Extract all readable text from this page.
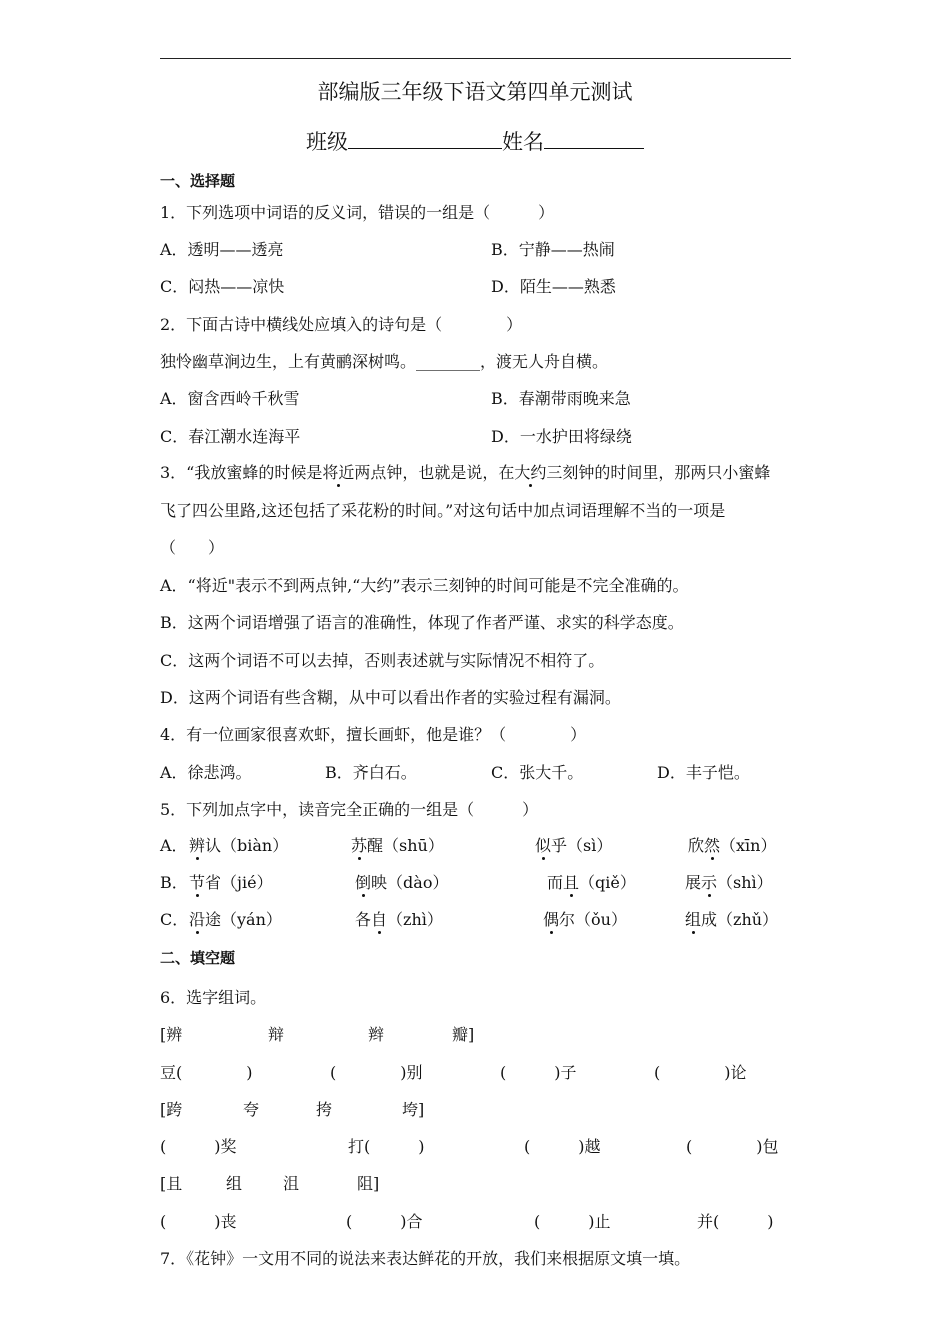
部编版三年级下语文第四单元测试
班级	姓名
一、选择题
1．下列选项中词语的反义词，错误的一组是（　　　）
A．透明——透亮	B．宁静——热闹
C．闷热——凉快	D．陌生——熟悉
2．下面古诗中横线处应填入的诗句是（　　　　）
独怜幽草涧边生，上有黄鹂深树鸣。________，渡无人舟自横。
A．窗含西岭千秋雪	B．春潮带雨晚来急
C．春江潮水连海平	D．一水护田将绿绕
3．“我放蜜蜂的时候是将近两点钟，也就是说，在大约三刻钟的时间里，那两只小蜜蜂
飞了四公里路,这还包括了采花粉的时间。”对这句话中加点词语理解不当的一项是
（　　）
A．“将近"表示不到两点钟,“大约”表示三刻钟的时间可能是不完全准确的。
B．这两个词语增强了语言的准确性，体现了作者严谨、求实的科学态度。
C．这两个词语不可以去掉，否则表述就与实际情况不相符了。
D．这两个词语有些含糊，从中可以看出作者的实验过程有漏洞。
4．有一位画家很喜欢虾，擅长画虾，他是谁？（　　　　）
A．徐悲鸿。	B．齐白石。	C．张大千。	D．丰子恺。
5．下列加点字中，读音完全正确的一组是（　　　）
A． 辨认（biàn）	苏醒（shū）	似乎（sì）	欣然（xīn）
B． 节省（jié）	倒映（dào）	而且（qiě）	展示（shì）
C． 沿途（yán）	各自（zhì）	偶尔（ǒu）	组成（zhǔ）
二、填空题
6．选字组词。
[辨	辩	辫	瓣]
豆(　　　　)	(　　　　)别	(　　　)子	(　　　　)论
[跨	夸	挎	垮]
(　　　)奖	打(　　　)	(　　　)越	(　　　　)包
[且	组	沮	阻]
(　　　)丧	(　　　)合	(　　　)止	并(　　　)
7．《花钟》一文用不同的说法来表达鲜花的开放，我们来根据原文填一填。
